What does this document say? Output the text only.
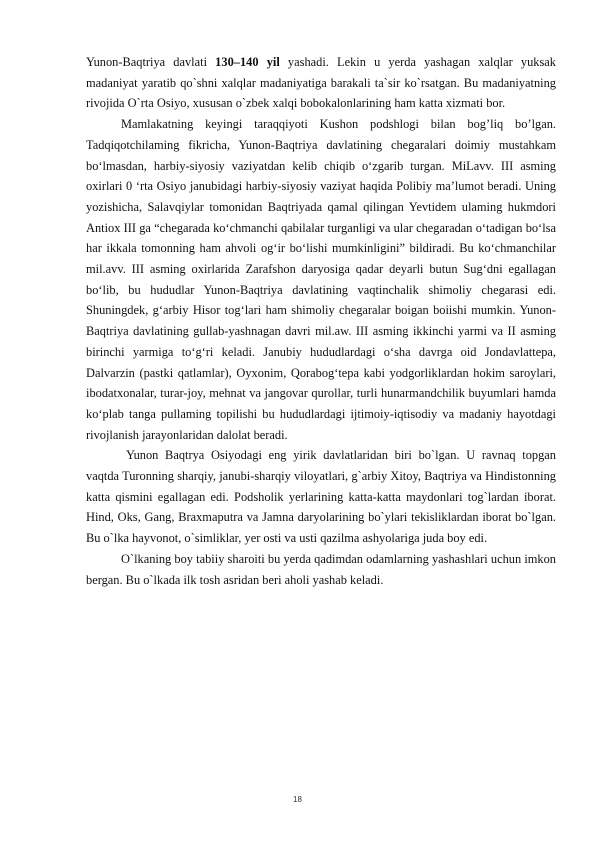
Yunon-Baqtriya davlati 130–140 yil yashadi. Lekin u yerda yashagan xalqlar yuksak madaniyat yaratib qo`shni xalqlar madaniyatiga barakali ta`sir ko`rsatgan. Bu madaniyatning rivojida O`rta Osiyo, xususan o`zbek xalqi bobokalonlarining ham katta xizmati bor.

Mamlakatning keyingi taraqqiyoti Kushon podshlogi bilan bog’liq bo’lgan. Tadqiqotchilaming fikricha, Yunon-Baqtriya davlatining chegaralari doimiy mustahkam bo‘lmasdan, harbiy-siyosiy vaziyatdan kelib chiqib o‘zgarib turgan. MiLavv. III asming oxirlari 0 ‘rta Osiyo janubidagi harbiy-siyosiy vaziyat haqida Polibiy ma’lumot beradi. Uning yozishicha, Salavqiylar tomonidan Baqtriyada qamal qilingan Yevtidem ulaming hukmdori Antiox III ga “chegarada ko‘chmanchi qabilalar turganligi va ular chegaradan o‘tadigan bo‘lsa har ikkala tomonning ham ahvoli og‘ir bo‘lishi mumkinligini” bildiradi. Bu ko‘chmanchilar mil.avv. III asming oxirlarida Zarafshon daryosiga qadar deyarli butun Sug‘dni egallagan bo‘lib, bu hududlar Yunon-Baqtriya davlatining vaqtinchalik shimoliy chegarasi edi. Shuningdek, g‘arbiy Hisor tog‘lari ham shimoliy chegaralar boigan boiishi mumkin. Yunon-Baqtriya davlatining gullab-yashnagan davri mil.aw. III asming ikkinchi yarmi va II asming birinchi yarmiga to‘g‘ri keladi. Janubiy hududlardagi o‘sha davrga oid Jondavlattepa, Dalvarzin (pastki qatlamlar), Oyxonim, Qorabog‘tepa kabi yodgorliklardan hokim saroylari, ibodatxonalar, turar-joy, mehnat va jangovar qurollar, turli hunarmandchilik buyumlari hamda ko‘plab tanga pullaming topilishi bu hududlardagi ijtimoiy-iqtisodiy va madaniy hayotdagi rivojlanish jarayonlaridan dalolat beradi.

Yunon Baqtrya Osiyodagi eng yirik davlatlaridan biri bo`lgan. U ravnaq topgan vaqtda Turonning sharqiy, janubi-sharqiy viloyatlari, g`arbiy Xitoy, Baqtriya va Hindistonning katta qismini egallagan edi. Podsholik yerlarining katta-katta maydonlari tog`lardan iborat. Hind, Oks, Gang, Braxmaputra va Jamna daryolarining bo`ylari tekisliklardan iborat bo`lgan. Bu o`lka hayvonot, o`simliklar, yer osti va usti qazilma ashyolariga juda boy edi.

O`lkaning boy tabiiy sharoiti bu yerda qadimdan odamlarning yashashlari uchun imkon bergan. Bu o`lkada ilk tosh asridan beri aholi yashab keladi.

18
